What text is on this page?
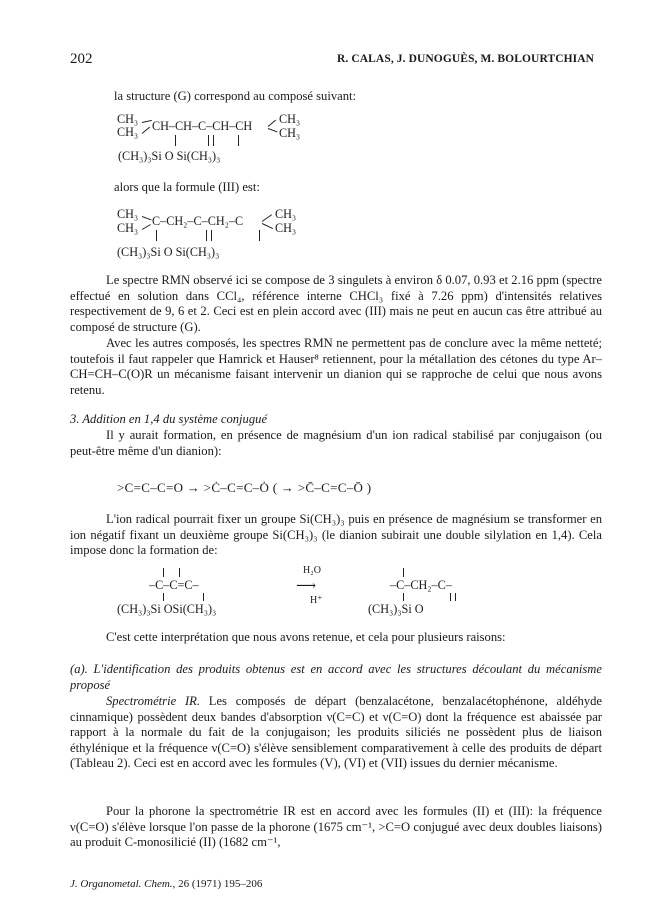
202	R. CALAS, J. DUNOGUÈS, M. BOLOURTCHIAN
la structure (G) correspond au composé suivant:
CH₃
CH₃ CH–CH–C–CH–CH CH₃
CH₃
(CH₃)₃Si O Si(CH₃)₃
alors que la formule (III) est:
CH₃
CH₃ C–CH₂–C–CH₂–C	CH₃
CH₃
(CH₃)₃Si O Si(CH₃)₃
Le spectre RMN observé ici se compose de 3 singulets à environ δ 0.07, 0.93 et 2.16 ppm (spectre effectué en solution dans CCl₄, référence interne CHCl₃ fixé à 7.26 ppm) d'intensités relatives respectivement de 9, 6 et 2. Ceci est en plein accord avec (III) mais ne peut en aucun cas être attribué au composé de structure (G).
Avec les autres composés, les spectres RMN ne permettent pas de conclure avec la même netteté; toutefois il faut rappeler que Hamrick et Hauser⁸ retiennent, pour la métallation des cétones du type Ar–CH=CH–C(O)R un mécanisme faisant intervenir un dianion qui se rapproche de celui que nous avons retenu.
3. Addition en 1,4 du système conjugué
Il y aurait formation, en présence de magnésium d'un ion radical stabilisé par conjugaison (ou peut-être même d'un dianion):
>C=C–C=O → >Ċ–C=C–Ȯ ( → >C̄–C=C–Ō )
L'ion radical pourrait fixer un groupe Si(CH₃)₃ puis en présence de magnésium se transformer en ion négatif fixant un deuxième groupe Si(CH₃)₃ (le dianion subirait une double silylation en 1,4). Cela impose donc la formation de:
–C–C=C–
(CH₃)₃Si OSi(CH₃)₃
H₂O
⟶
H⁺
–C–CH₂–C–
(CH₃)₃Si O
C'est cette interprétation que nous avons retenue, et cela pour plusieurs raisons:
(a). L'identification des produits obtenus est en accord avec les structures découlant du mécanisme proposé
Spectrométrie IR. Les composés de départ (benzalacétone, benzalacétophénone, aldéhyde cinnamique) possèdent deux bandes d'absorption ν(C=C) et ν(C=O) dont la fréquence est abaissée par rapport à la normale du fait de la conjugaison; les produits siliciés ne possèdent plus de liaison éthylénique et la fréquence ν(C=O) s'élève sensiblement comparativement à celle des produits de départ (Tableau 2). Ceci est en accord avec les formules (V), (VI) et (VII) issues du dernier mécanisme.
Pour la phorone la spectrométrie IR est en accord avec les formules (II) et (III): la fréquence ν(C=O) s'élève lorsque l'on passe de la phorone (1675 cm⁻¹, >C=O conjugué avec deux doubles liaisons) au produit C-monosilicié (II) (1682 cm⁻¹,
J. Organometal. Chem., 26 (1971) 195–206
